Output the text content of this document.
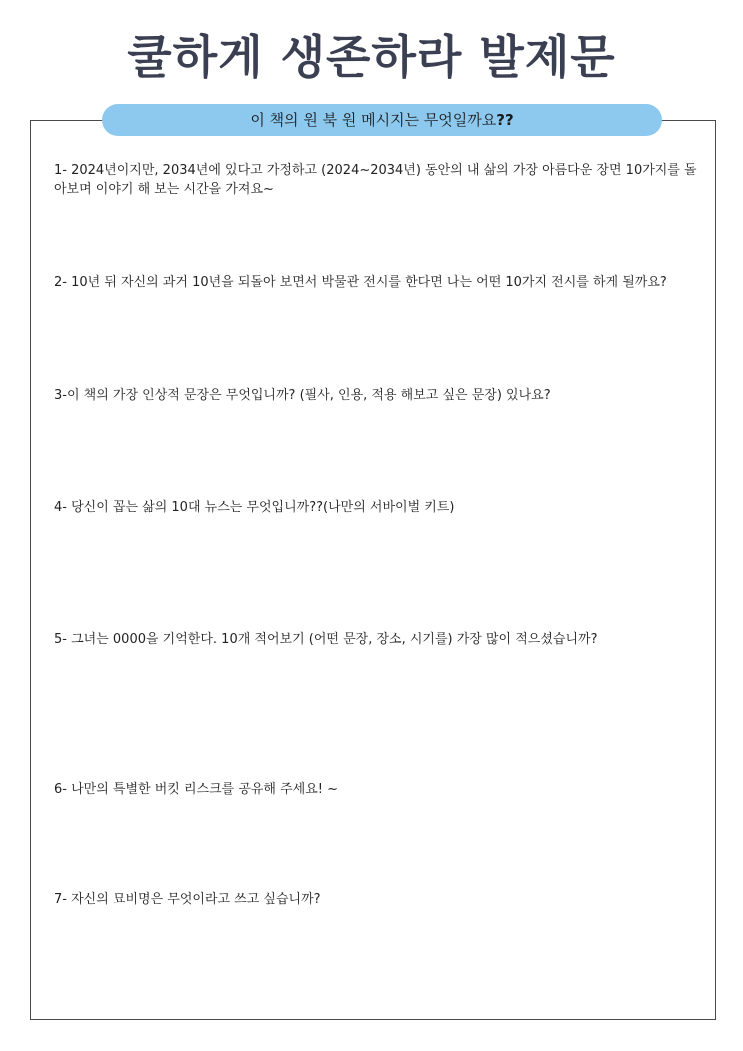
쿨하게 생존하라 발제문
이 책의 원 북 원 메시지는 무엇일까요??
1- 2024년이지만, 2034년에 있다고 가정하고 (2024~2034년) 동안의 내 삶의 가장 아름다운 장면 10가지를 돌아보며 이야기 해 보는 시간을 가져요~
2- 10년 뒤 자신의 과거 10년을 되돌아 보면서 박물관 전시를 한다면 나는 어떤 10가지 전시를 하게 될까요?
3-이 책의 가장 인상적 문장은 무엇입니까? (필사, 인용, 적용 해보고 싶은 문장) 있나요?
4- 당신이 꼽는 삶의 10대 뉴스는 무엇입니까??(나만의 서바이벌 키트)
5- 그녀는 0000을 기억한다. 10개 적어보기 (어떤 문장, 장소, 시기를) 가장 많이 적으셨습니까?
6- 나만의 특별한 버킷 리스크를 공유해 주세요! ~
7- 자신의 묘비명은 무엇이라고 쓰고 싶습니까?
